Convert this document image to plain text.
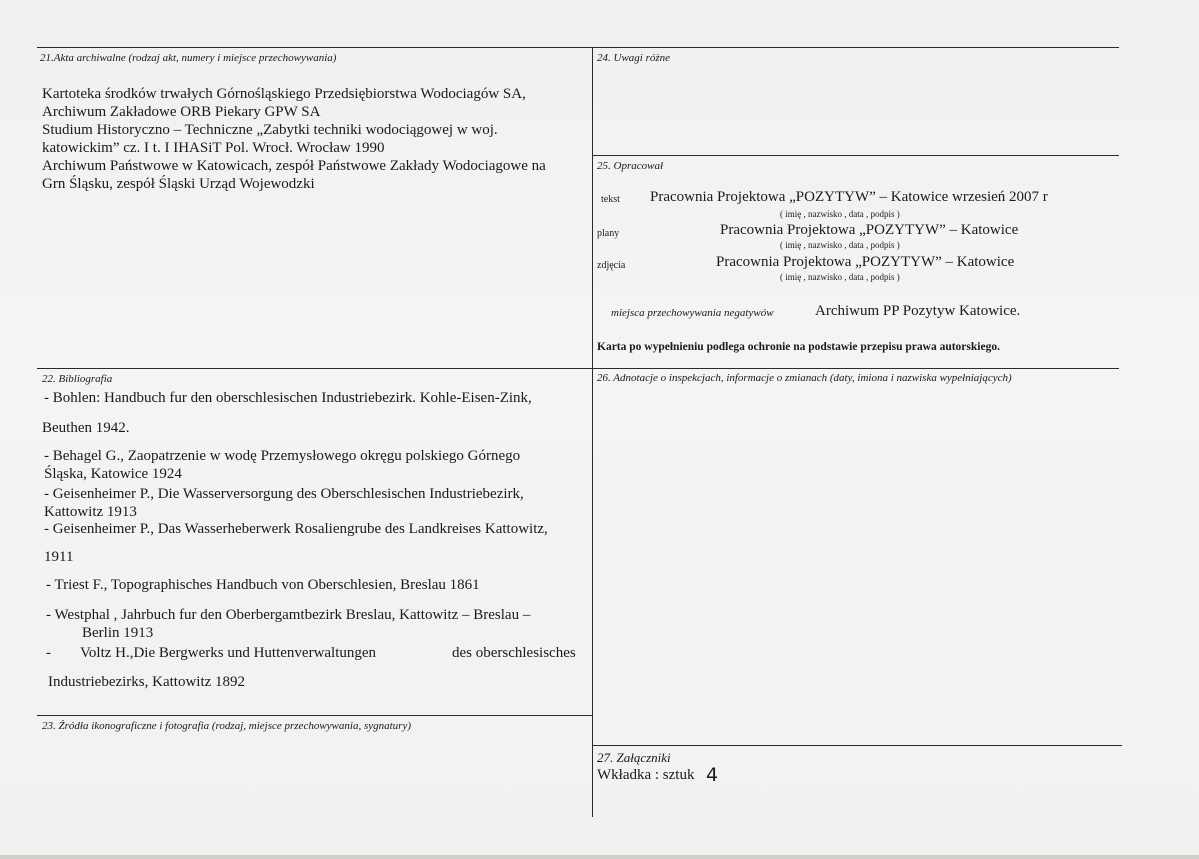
21.Akta archiwalne (rodzaj akt, numery i miejsce przechowywania)
Kartoteka środków trwałych Górnośląskiego Przedsiębiorstwa Wodociagów SA,
Archiwum Zakładowe ORB Piekary GPW SA
Studium Historyczno – Techniczne „Zabytki techniki wodociągowej w woj.
katowickim” cz. I t. I IHASiT Pol. Wrocł. Wrocław 1990
Archiwum Państwowe w Katowicach, zespół Państwowe Zakłady Wodociagowe na
Grn Śląsku, zespół Śląski Urząd Wojewodzki
24. Uwagi różne
25. Opracował
tekst Pracownia Projektowa „POZYTYW” – Katowice wrzesień 2007 r
( imię , nazwisko , data , podpis )
plany	Pracownia Projektowa „POZYTYW” – Katowice
( imię , nazwisko , data , podpis )
zdjęcia	Pracownia Projektowa „POZYTYW” – Katowice
( imię , nazwisko , data , podpis )
miejsca przechowywania negatywów	Archiwum PP Pozytyw Katowice.
Karta po wypełnieniu podlega ochronie na podstawie przepisu prawa autorskiego.
22. Bibliografia
- Bohlen: Handbuch fur den oberschlesischen Industriebezirk. Kohle-Eisen-Zink,
Beuthen 1942.
- Behagel G., Zaopatrzenie w wodę Przemysłowego okręgu polskiego Górnego
Śląska, Katowice 1924
- Geisenheimer P., Die Wasserversorgung des Oberschlesischen Industriebezirk,
Kattowitz 1913
- Geisenheimer P., Das Wasserheberwerk Rosaliengrube des Landkreises Kattowitz,
1911
- Triest F., Topographisches Handbuch von Oberschlesien, Breslau 1861
- Westphal , Jahrbuch fur den Oberbergamtbezirk Breslau, Kattowitz – Breslau –
Berlin 1913
- Voltz H.,Die Bergwerks und Huttenverwaltungen	des oberschlesisches
Industriebezirks, Kattowitz 1892
26. Adnotacje o inspekcjach, informacje o zmianach (daty, imiona i nazwiska wypełniających)
23. Źródła ikonograficzne i fotografia (rodzaj, miejsce przechowywania, sygnatury)
27. Załączniki
Wkładka : sztuk 4
